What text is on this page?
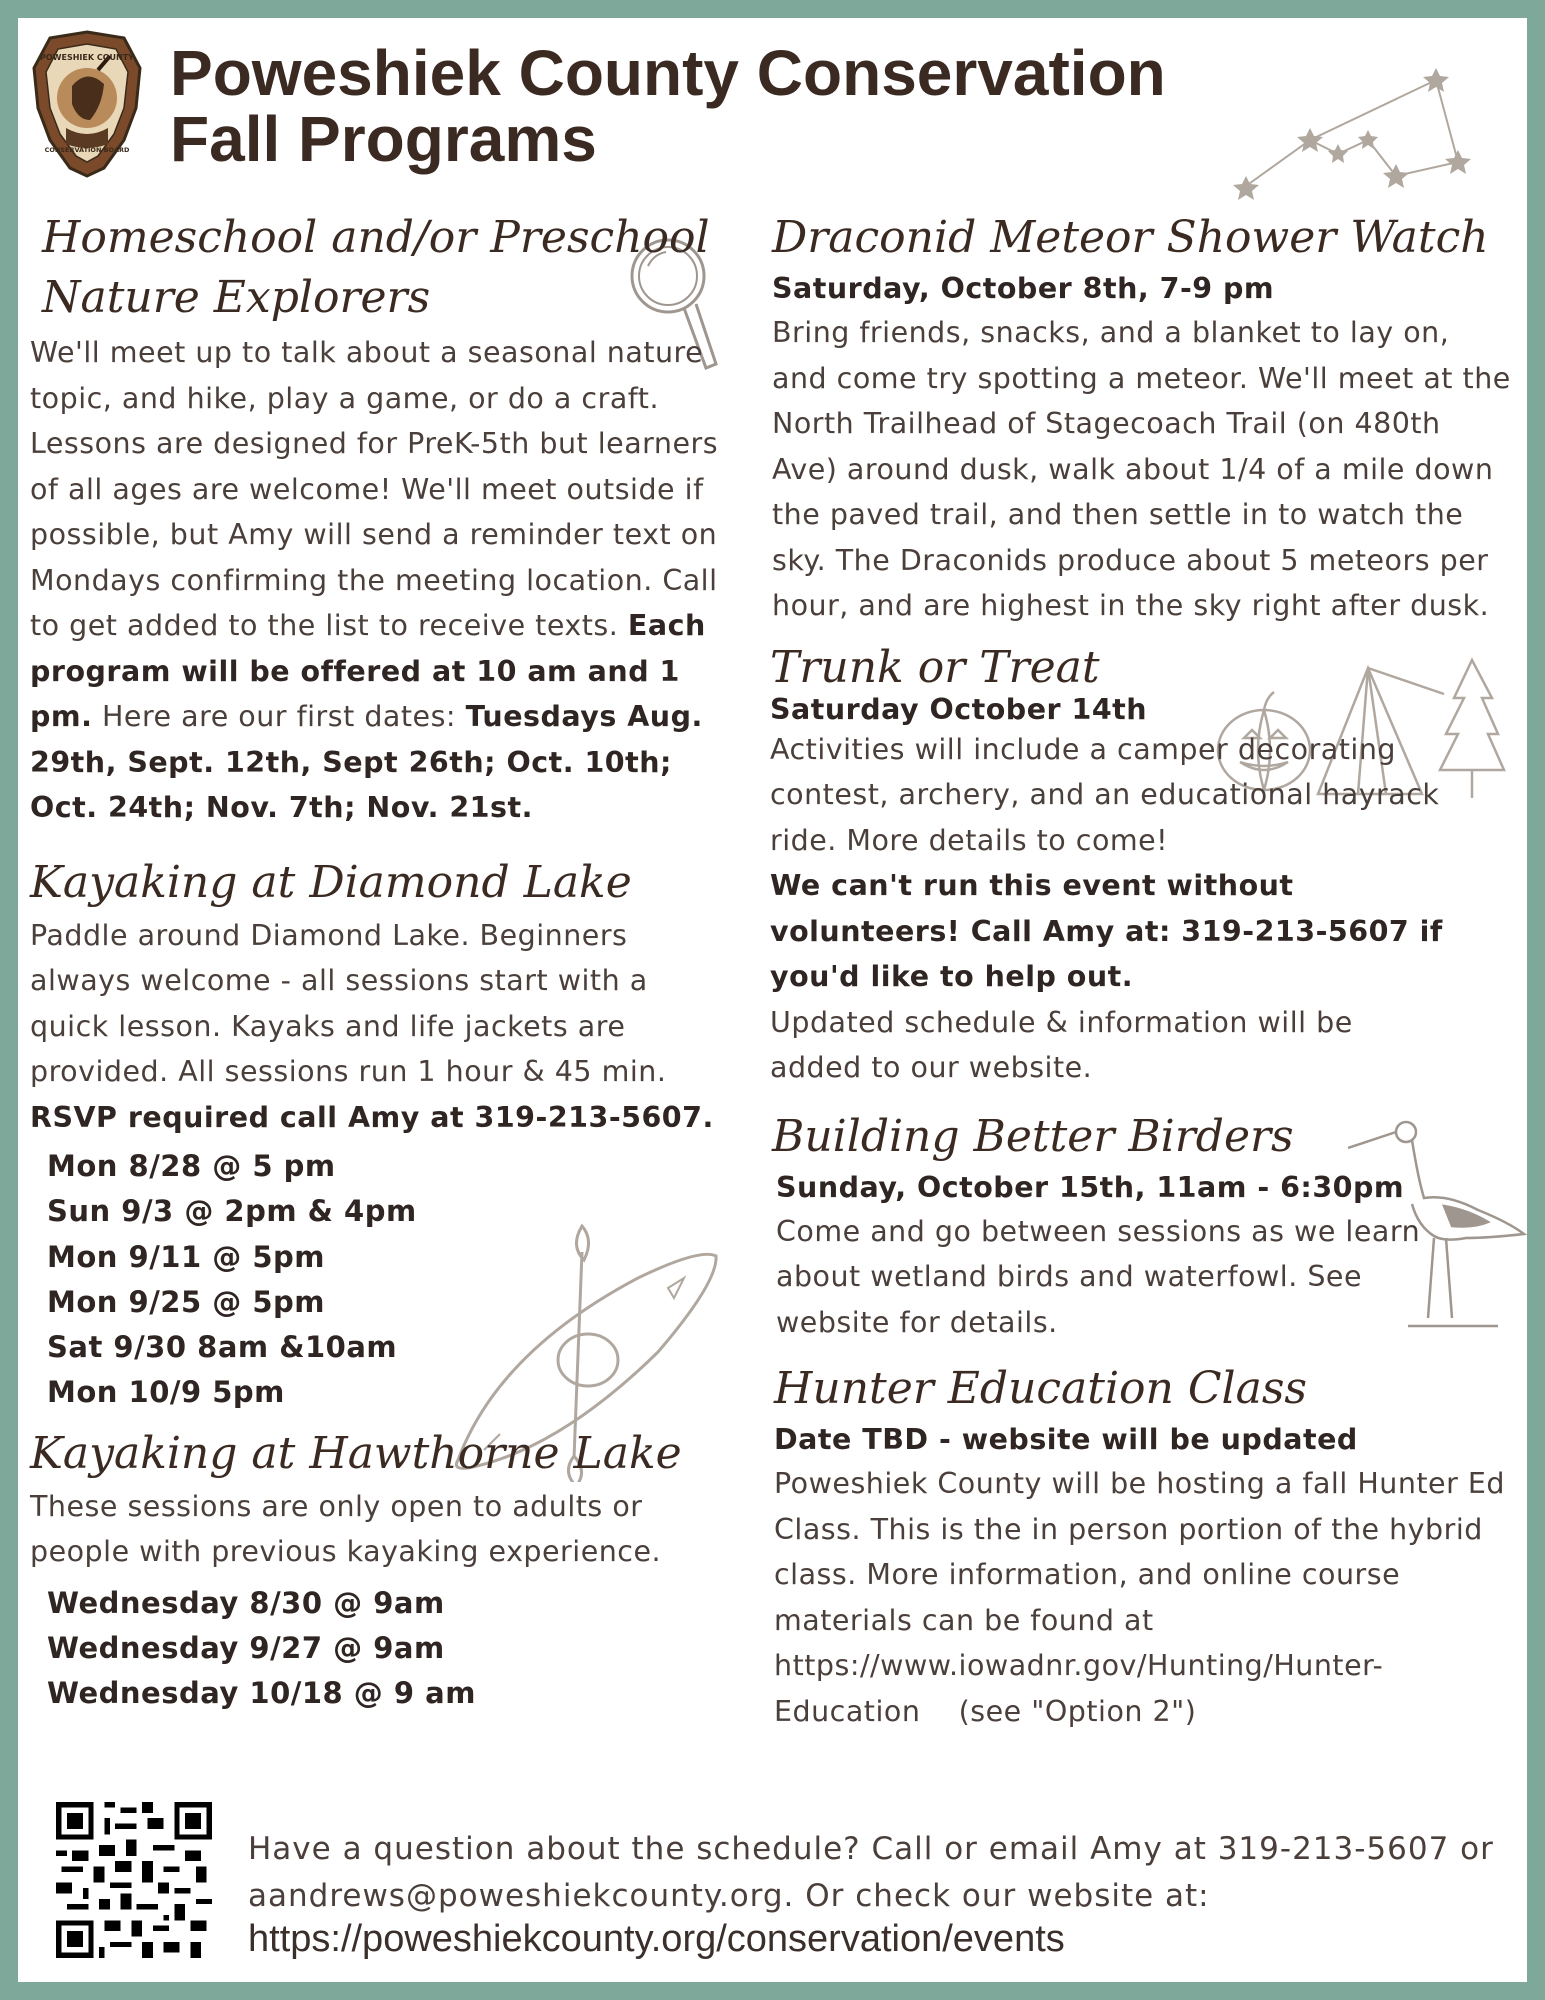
POWESHIEK COUNTY
CONSERVATION BOARD
Poweshiek County Conservation
Fall Programs
Homeschool and/or Preschool
Nature Explorers
We'll meet up to talk about a seasonal nature topic, and hike, play a game, or do a craft. Lessons are designed for PreK-5th but learners of all ages are welcome! We'll meet outside if possible, but Amy will send a reminder text on Mondays confirming the meeting location. Call to get added to the list to receive texts. Each program will be offered at 10 am and 1 pm. Here are our first dates: Tuesdays Aug. 29th, Sept. 12th, Sept 26th; Oct. 10th; Oct. 24th; Nov. 7th; Nov. 21st.
Kayaking at Diamond Lake
Paddle around Diamond Lake. Beginners always welcome - all sessions start with a quick lesson. Kayaks and life jackets are provided. All sessions run 1 hour & 45 min.
RSVP required call Amy at 319-213-5607.
Mon 8/28 @ 5 pm
Sun 9/3 @ 2pm & 4pm
Mon 9/11 @ 5pm
Mon 9/25 @ 5pm
Sat 9/30 8am &10am
Mon 10/9 5pm
Kayaking at Hawthorne Lake
These sessions are only open to adults or people with previous kayaking experience.
Wednesday 8/30 @ 9am
Wednesday 9/27 @ 9am
Wednesday 10/18 @ 9 am
Draconid Meteor Shower Watch
Saturday, October 8th, 7-9 pm
Bring friends, snacks, and a blanket to lay on, and come try spotting a meteor. We'll meet at the North Trailhead of Stagecoach Trail (on 480th Ave) around dusk, walk about 1/4 of a mile down the paved trail, and then settle in to watch the sky. The Draconids produce about 5 meteors per hour, and are highest in the sky right after dusk.
Trunk or Treat
Saturday October 14th
Activities will include a camper decorating contest, archery, and an educational hayrack ride. More details to come!
We can't run this event without volunteers! Call Amy at: 319-213-5607 if you'd like to help out.
Updated schedule & information will be added to our website.
Building Better Birders
Sunday, October 15th, 11am - 6:30pm
Come and go between sessions as we learn about wetland birds and waterfowl. See website for details.
Hunter Education Class
Date TBD - website will be updated
Poweshiek County will be hosting a fall Hunter Ed Class. This is the in person portion of the hybrid class. More information, and online course materials can be found at https://www.iowadnr.gov/Hunting/Hunter-Education    (see "Option 2")
Have a question about the schedule? Call or email Amy at 319-213-5607 or aandrews@poweshiekcounty.org. Or check our website at:
https://poweshiekcounty.org/conservation/events
